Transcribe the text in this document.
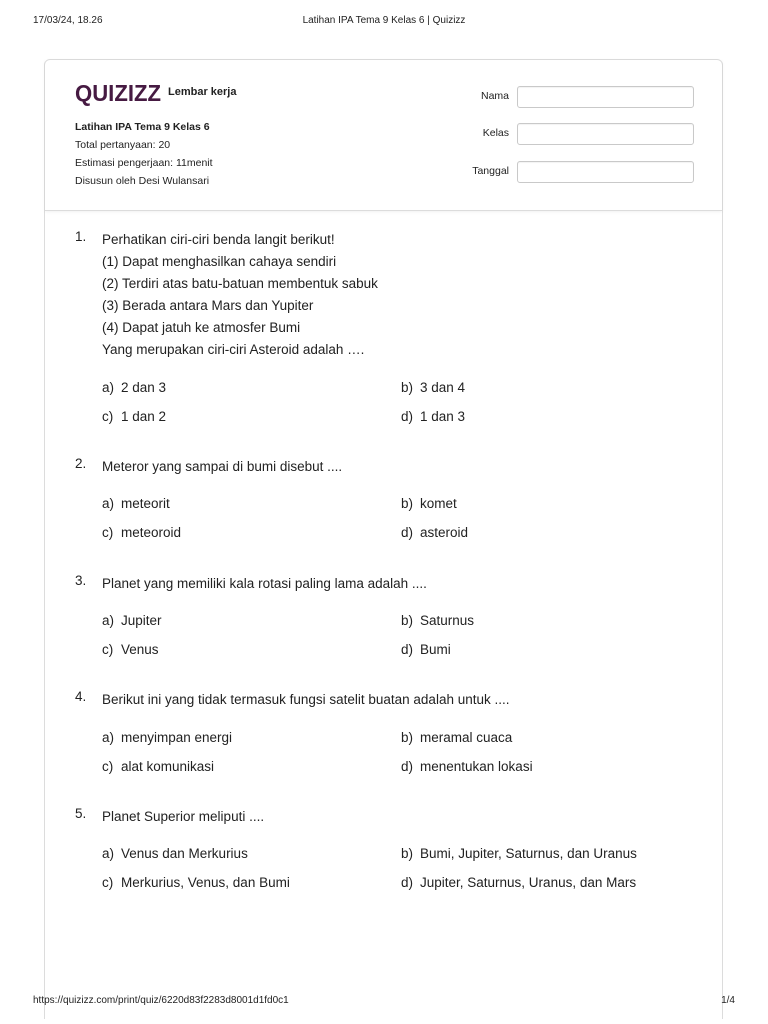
17/03/24, 18.26	Latihan IPA Tema 9 Kelas 6 | Quizizz
QUIZIZZ Lembar kerja
Latihan IPA Tema 9 Kelas 6
Total pertanyaan: 20
Estimasi pengerjaan: 11menit
Disusun oleh Desi Wulansari
Nama
Kelas
Tanggal
1. Perhatikan ciri-ciri benda langit berikut!
(1) Dapat menghasilkan cahaya sendiri
(2) Terdiri atas batu-batuan membentuk sabuk
(3) Berada antara Mars dan Yupiter
(4) Dapat jatuh ke atmosfer Bumi
Yang merupakan ciri-ciri Asteroid adalah ….
a) 2 dan 3	b) 3 dan 4
c) 1 dan 2	d) 1 dan 3
2. Meteror yang sampai di bumi disebut ....
a) meteorit	b) komet
c) meteoroid	d) asteroid
3. Planet yang memiliki kala rotasi paling lama adalah ....
a) Jupiter	b) Saturnus
c) Venus	d) Bumi
4. Berikut ini yang tidak termasuk fungsi satelit buatan adalah untuk ....
a) menyimpan energi	b) meramal cuaca
c) alat komunikasi	d) menentukan lokasi
5. Planet Superior meliputi ....
a) Venus dan Merkurius	b) Bumi, Jupiter, Saturnus, dan Uranus
c) Merkurius, Venus, dan Bumi	d) Jupiter, Saturnus, Uranus, dan Mars
https://quizizz.com/print/quiz/6220d83f2283d8001d1fd0c1	1/4
